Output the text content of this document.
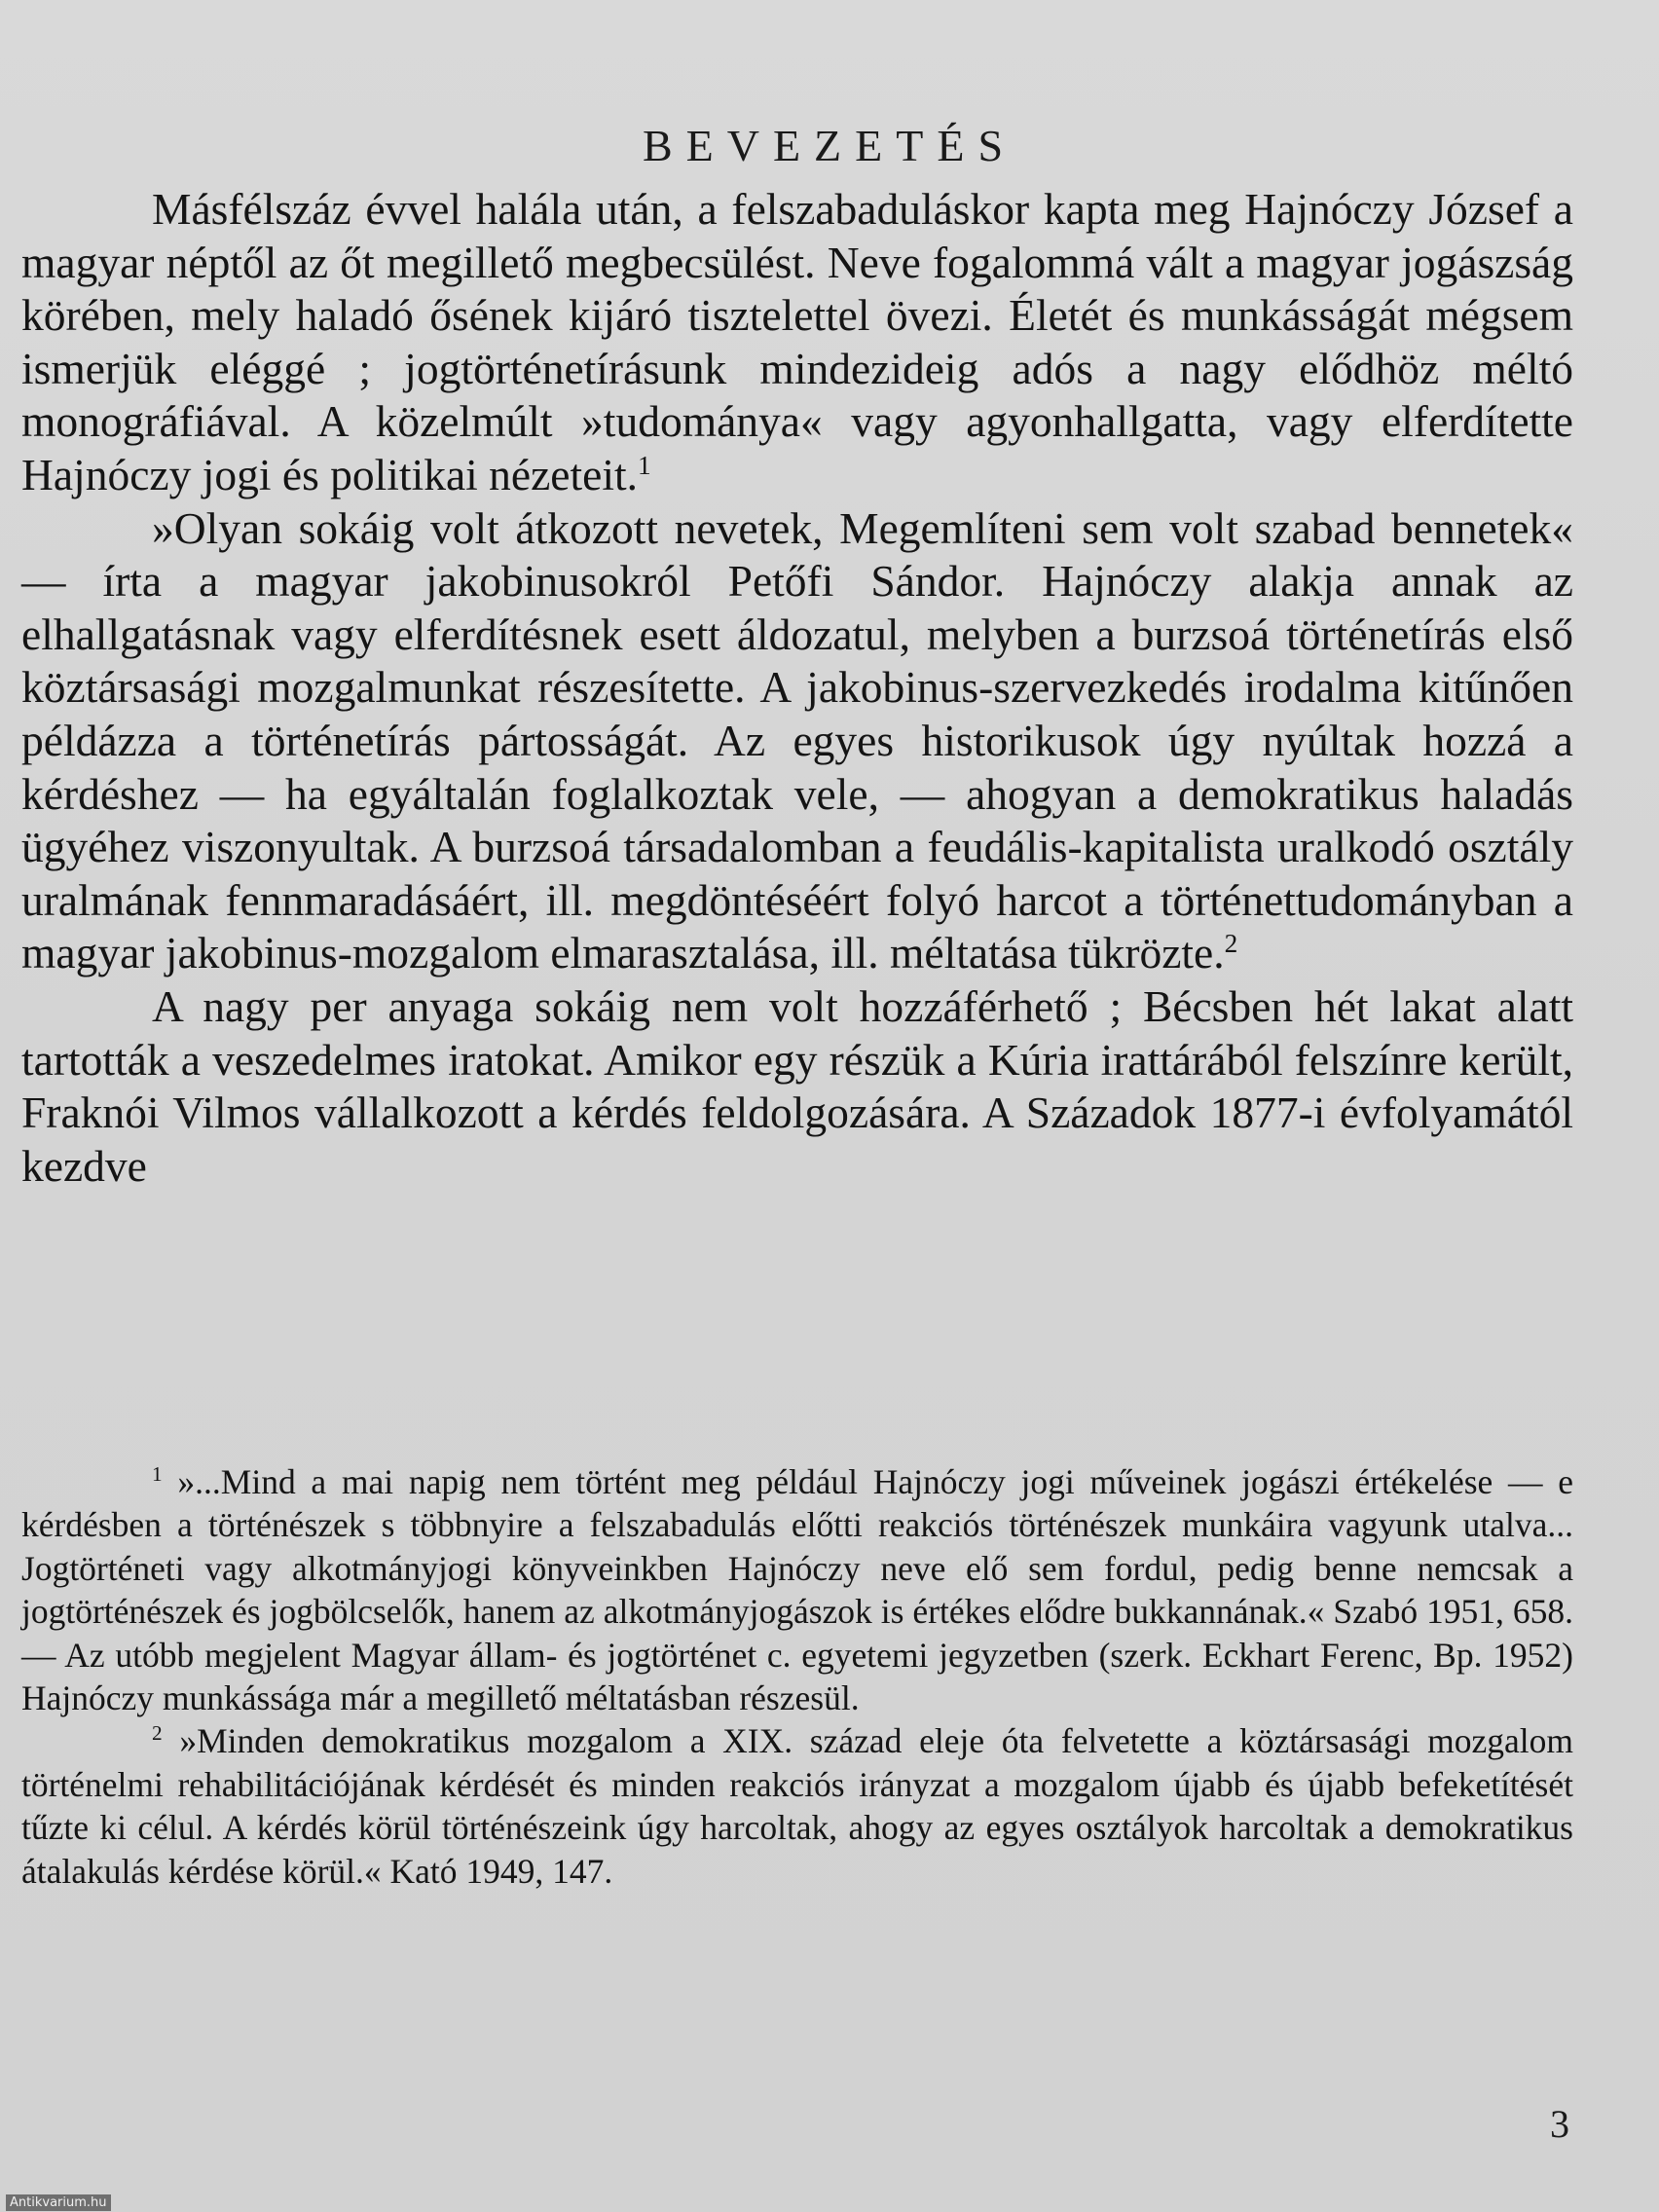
BEVEZETÉS

Másfélszáz évvel halála után, a felszabaduláskor kapta meg Hajnóczy József a magyar néptől az őt megillető megbecsülést. Neve fogalommá vált a magyar jogászság körében, mely haladó ősének kijáró tisztelettel övezi. Életét és munkásságát mégsem ismerjük eléggé ; jogtörténetírásunk mindezideig adós a nagy elődhöz méltó monográfiával. A közelmúlt »tudománya« vagy agyonhallgatta, vagy elferdítette Hajnóczy jogi és politikai nézeteit.$^1$

»Olyan sokáig volt átkozott nevetek, Megemlíteni sem volt szabad bennetek« — írta a magyar jakobinusokról Petőfi Sándor. Hajnóczy alakja annak az elhallgatásnak vagy elferdítésnek esett áldozatul, melyben a burzsoá történetírás első köztársasági mozgalmunkat részesítette. A jakobinus-szervezkedés irodalma kitűnően példázza a történetírás pártosságát. Az egyes historikusok úgy nyúltak hozzá a kérdéshez — ha egyáltalán foglalkoztak vele, — ahogyan a demokratikus haladás ügyéhez viszonyultak. A burzsoá társadalomban a feudális-kapitalista uralkodó osztály uralmának fennmaradásáért, ill. megdöntéséért folyó harcot a történettudományban a magyar jakobinus-mozgalom elmarasztalása, ill. méltatása tükrözte.$^2$

A nagy per anyaga sokáig nem volt hozzáférhető ; Bécsben hét lakat alatt tartották a veszedelmes iratokat. Amikor egy részük a Kúria irattárából felszínre került, Fraknói Vilmos vállalkozott a kérdés feldolgozására. A Századok 1877-i évfolyamától kezdve

$^1$ »...Mind a mai napig nem történt meg például Hajnóczy jogi műveinek jogászi értékelése — e kérdésben a történészek s többnyire a felszabadulás előtti reakciós történészek munkáira vagyunk utalva... Jogtörténeti vagy alkotmányjogi könyveinkben Hajnóczy neve elő sem fordul, pedig benne nemcsak a jogtörténészek és jogbölcselők, hanem az alkotmányjogászok is értékes elődre bukkannának.« Szabó 1951, 658. — Az utóbb megjelent Magyar állam- és jogtörténet c. egyetemi jegyzetben (szerk. Eckhart Ferenc, Bp. 1952) Hajnóczy munkássága már a megillető méltatásban részesül.

$^2$ »Minden demokratikus mozgalom a XIX. század eleje óta felvetette a köztársasági mozgalom történelmi rehabilitációjának kérdését és minden reakciós irányzat a mozgalom újabb és újabb befeketítését tűzte ki célul. A kérdés körül történészeink úgy harcoltak, ahogy az egyes osztályok harcoltak a demokratikus átalakulás kérdése körül.« Kató 1949, 147.

3
Antikvarium.hu
